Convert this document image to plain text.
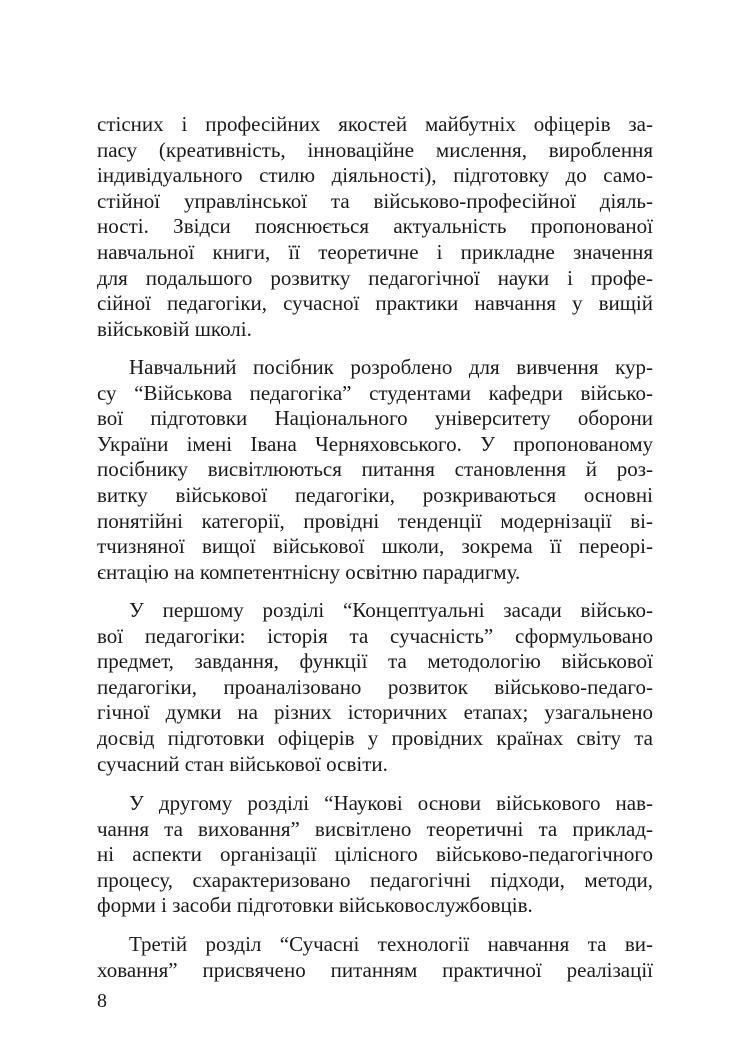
стісних і професійних якостей майбутніх офіцерів за-
пасу (креативність, інноваційне мислення, вироблення
індивідуального стилю діяльності), підготовку до само-
стійної управлінської та військово-професійної діяль-
ності. Звідси пояснюється актуальність пропонованої
навчальної книги, її теоретичне і прикладне значення
для подальшого розвитку педагогічної науки і профе-
сійної педагогіки, сучасної практики навчання у вищій
військовій школі.

Навчальний посібник розроблено для вивчення кур-
су “Військова педагогіка” студентами кафедри військо-
вої підготовки Національного університету оборони
України імені Івана Черняховського. У пропонованому
посібнику висвітлюються питання становлення й роз-
витку військової педагогіки, розкриваються основні
понятійні категорії, провідні тенденції модернізації ві-
тчизняної вищої військової школи, зокрема її переорі-
єнтацію на компетентнісну освітню парадигму.

У першому розділі “Концептуальні засади військо-
вої педагогіки: історія та сучасність” сформульовано
предмет, завдання, функції та методологію військової
педагогіки, проаналізовано розвиток військово-педаго-
гічної думки на різних історичних етапах; узагальнено
досвід підготовки офіцерів у провідних країнах світу та
сучасний стан військової освіти.

У другому розділі “Наукові основи військового нав-
чання та виховання” висвітлено теоретичні та приклад-
ні аспекти організації цілісного військово-педагогічного
процесу, схарактеризовано педагогічні підходи, методи,
форми і засоби підготовки військовослужбовців.

Третій розділ “Сучасні технології навчання та ви-
ховання” присвячено питанням практичної реалізації

8
